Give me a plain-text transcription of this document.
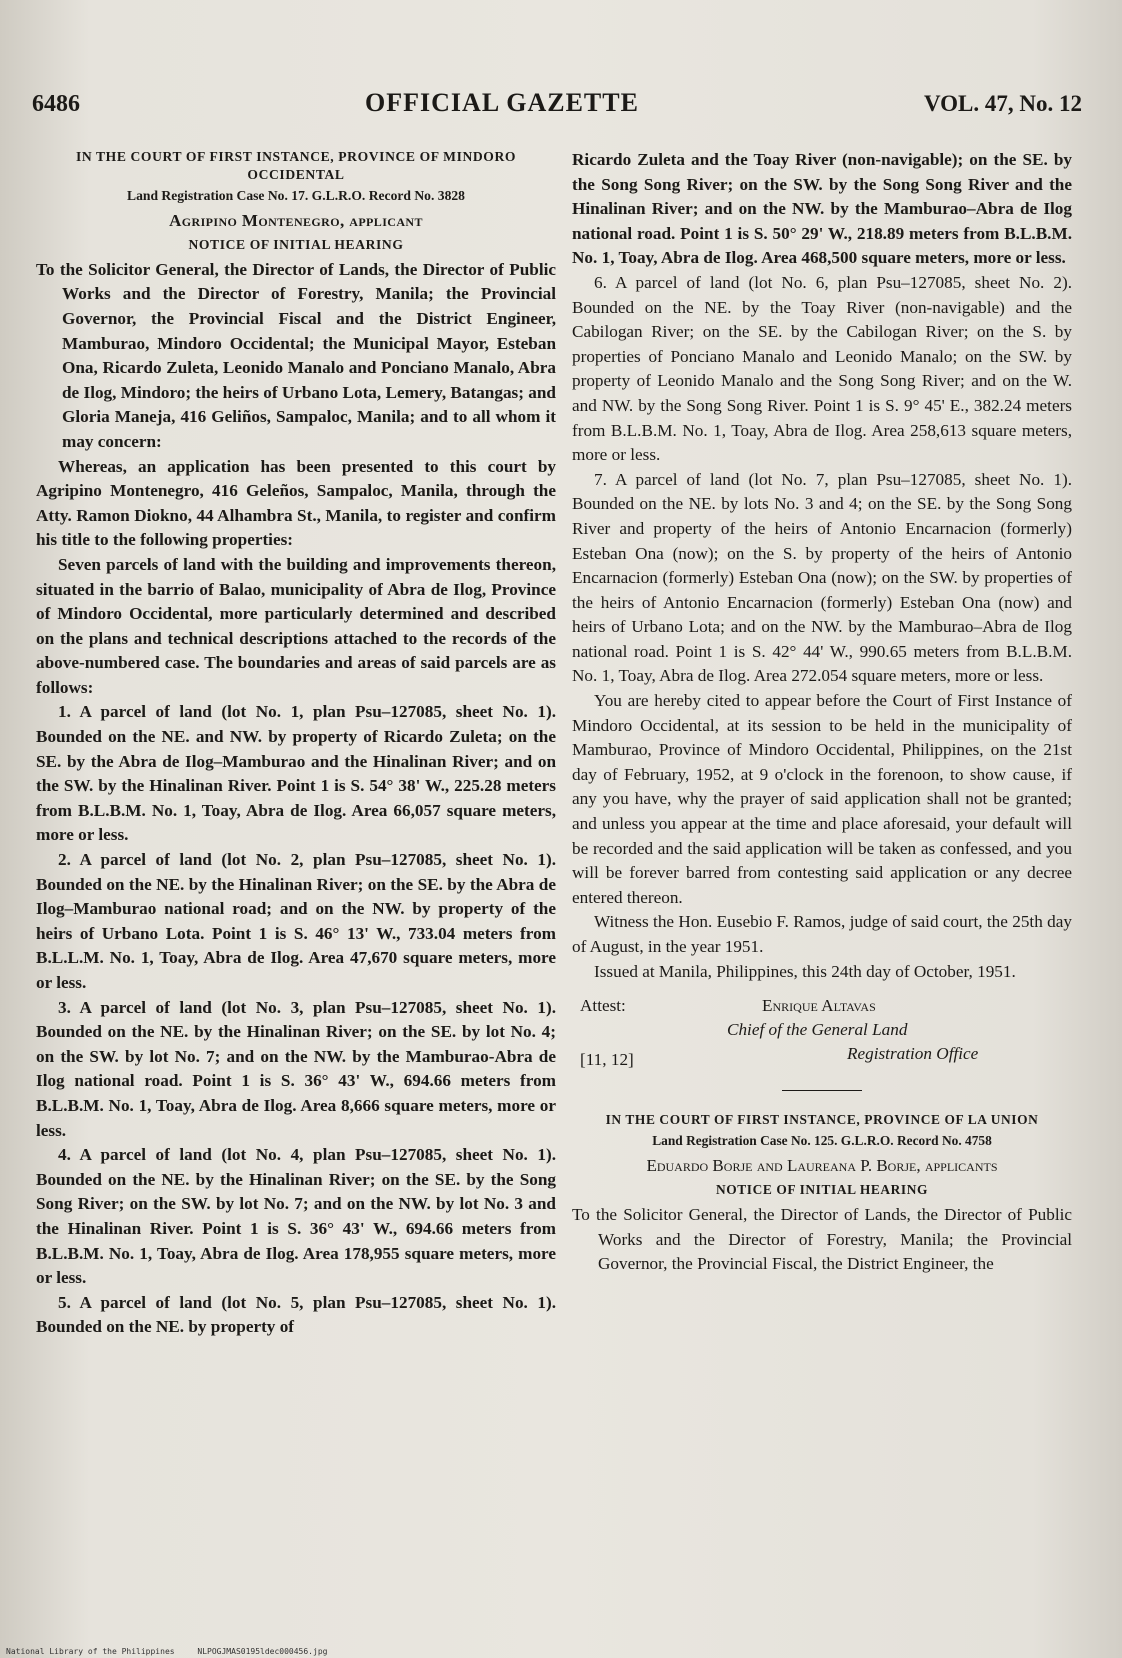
6486	OFFICIAL GAZETTE	VOL. 47, No. 12

IN THE COURT OF FIRST INSTANCE, PROVINCE OF MINDORO OCCIDENTAL

Land Registration Case No. 17. G.L.R.O. Record No. 3828

Agripino Montenegro, applicant

NOTICE OF INITIAL HEARING

To the Solicitor General, the Director of Lands, the Director of Public Works and the Director of Forestry, Manila; the Provincial Governor, the Provincial Fiscal and the District Engineer, Mamburao, Mindoro Occidental; the Municipal Mayor, Esteban Ona, Ricardo Zuleta, Leonido Manalo and Ponciano Manalo, Abra de Ilog, Mindoro; the heirs of Urbano Lota, Lemery, Batangas; and Gloria Maneja, 416 Geliños, Sampaloc, Manila; and to all whom it may concern:

Whereas, an application has been presented to this court by Agripino Montenegro, 416 Geleños, Sampaloc, Manila, through the Atty. Ramon Diokno, 44 Alhambra St., Manila, to register and confirm his title to the following properties:

Seven parcels of land with the building and improvements thereon, situated in the barrio of Balao, municipality of Abra de Ilog, Province of Mindoro Occidental, more particularly determined and described on the plans and technical descriptions attached to the records of the above-numbered case. The boundaries and areas of said parcels are as follows:

1. A parcel of land (lot No. 1, plan Psu–127085, sheet No. 1). Bounded on the NE. and NW. by property of Ricardo Zuleta; on the SE. by the Abra de Ilog–Mamburao and the Hinalinan River; and on the SW. by the Hinalinan River. Point 1 is S. 54° 38' W., 225.28 meters from B.L.B.M. No. 1, Toay, Abra de Ilog. Area 66,057 square meters, more or less.

2. A parcel of land (lot No. 2, plan Psu–127085, sheet No. 1). Bounded on the NE. by the Hinalinan River; on the SE. by the Abra de Ilog–Mamburao national road; and on the NW. by property of the heirs of Urbano Lota. Point 1 is S. 46° 13' W., 733.04 meters from B.L.L.M. No. 1, Toay, Abra de Ilog. Area 47,670 square meters, more or less.

3. A parcel of land (lot No. 3, plan Psu–127085, sheet No. 1). Bounded on the NE. by the Hinalinan River; on the SE. by lot No. 4; on the SW. by lot No. 7; and on the NW. by the Mamburao-Abra de Ilog national road. Point 1 is S. 36° 43' W., 694.66 meters from B.L.B.M. No. 1, Toay, Abra de Ilog. Area 8,666 square meters, more or less.

4. A parcel of land (lot No. 4, plan Psu–127085, sheet No. 1). Bounded on the NE. by the Hinalinan River; on the SE. by the Song Song River; on the SW. by lot No. 7; and on the NW. by lot No. 3 and the Hinalinan River. Point 1 is S. 36° 43' W., 694.66 meters from B.L.B.M. No. 1, Toay, Abra de Ilog. Area 178,955 square meters, more or less.

5. A parcel of land (lot No. 5, plan Psu–127085, sheet No. 1). Bounded on the NE. by property of

Ricardo Zuleta and the Toay River (non-navigable); on the SE. by the Song Song River; on the SW. by the Song Song River and the Hinalinan River; and on the NW. by the Mamburao–Abra de Ilog national road. Point 1 is S. 50° 29' W., 218.89 meters from B.L.B.M. No. 1, Toay, Abra de Ilog. Area 468,500 square meters, more or less.

6. A parcel of land (lot No. 6, plan Psu–127085, sheet No. 2). Bounded on the NE. by the Toay River (non-navigable) and the Cabilogan River; on the SE. by the Cabilogan River; on the S. by properties of Ponciano Manalo and Leonido Manalo; on the SW. by property of Leonido Manalo and the Song Song River; and on the W. and NW. by the Song Song River. Point 1 is S. 9° 45' E., 382.24 meters from B.L.B.M. No. 1, Toay, Abra de Ilog. Area 258,613 square meters, more or less.

7. A parcel of land (lot No. 7, plan Psu–127085, sheet No. 1). Bounded on the NE. by lots No. 3 and 4; on the SE. by the Song Song River and property of the heirs of Antonio Encarnacion (formerly) Esteban Ona (now); on the S. by property of the heirs of Antonio Encarnacion (formerly) Esteban Ona (now); on the SW. by properties of the heirs of Antonio Encarnacion (formerly) Esteban Ona (now) and heirs of Urbano Lota; and on the NW. by the Mamburao–Abra de Ilog national road. Point 1 is S. 42° 44' W., 990.65 meters from B.L.B.M. No. 1, Toay, Abra de Ilog. Area 272.054 square meters, more or less.

You are hereby cited to appear before the Court of First Instance of Mindoro Occidental, at its session to be held in the municipality of Mamburao, Province of Mindoro Occidental, Philippines, on the 21st day of February, 1952, at 9 o'clock in the forenoon, to show cause, if any you have, why the prayer of said application shall not be granted; and unless you appear at the time and place aforesaid, your default will be recorded and the said application will be taken as confessed, and you will be forever barred from contesting said application or any decree entered thereon.

Witness the Hon. Eusebio F. Ramos, judge of said court, the 25th day of August, in the year 1951.

Issued at Manila, Philippines, this 24th day of October, 1951.

Attest:	Enrique Altavas
Chief of the General Land
Registration Office
[11, 12]

IN THE COURT OF FIRST INSTANCE, PROVINCE OF LA UNION

Land Registration Case No. 125. G.L.R.O. Record No. 4758

Eduardo Borje and Laureana P. Borje, applicants

NOTICE OF INITIAL HEARING

To the Solicitor General, the Director of Lands, the Director of Public Works and the Director of Forestry, Manila; the Provincial Governor, the Provincial Fiscal, the District Engineer, the

National Library of the Philippines	NLPOGJMAS0195ldec000456.jpg
